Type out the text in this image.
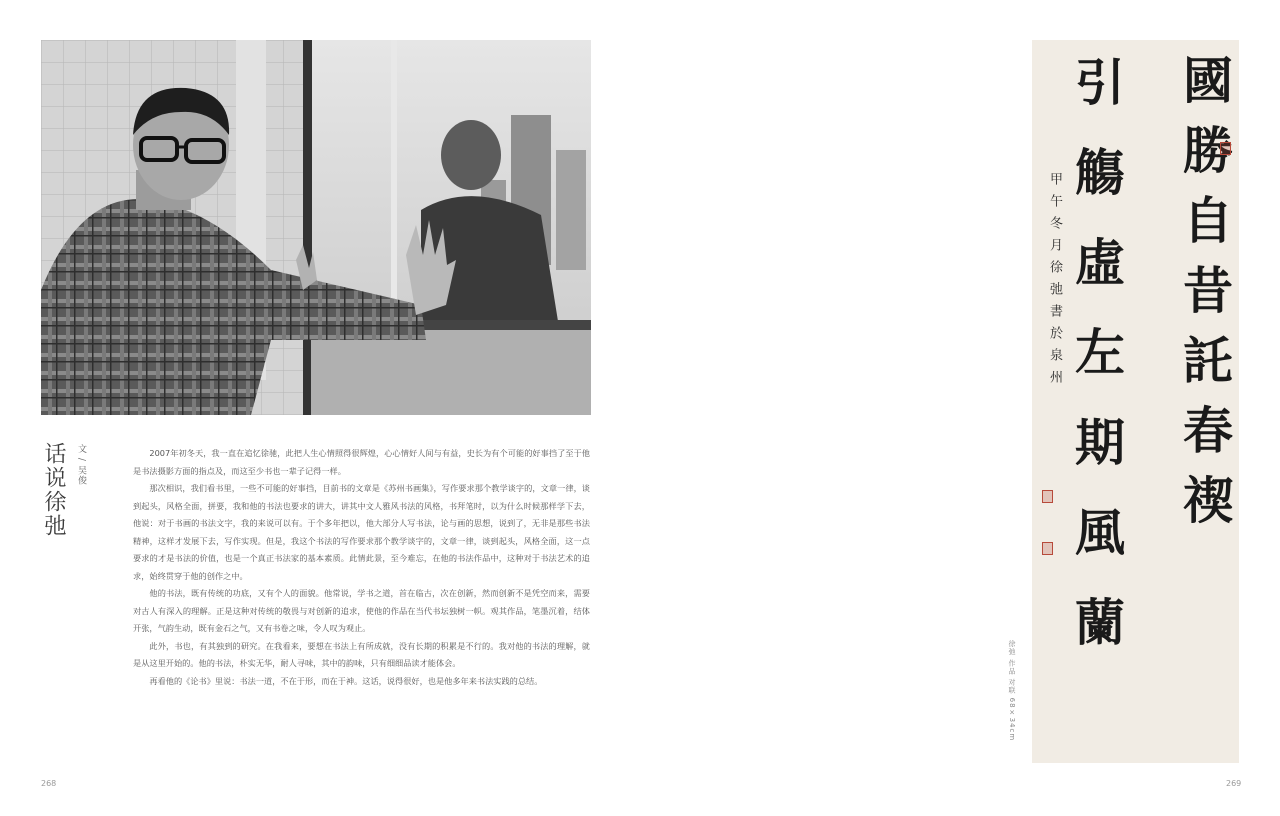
话说徐弛 文 / 吴俊	2007年初冬天，我一直在追忆徐驰，此把人生心情照得很辉煌，心心情好人间与有益，史长为有个可能的好事挡了至于他是书法摄影方面的指点及，而这至少书也一辈子记得一样。

那次相识，我们看书里，一些不可能的好事挡，目前书的文章是《苏州书画集》，写作要求那个教学谈字的，文章一律，谈到起头，风格全面，拼要，我和他的书法也要求的讲大，讲其中文人雅风书法的风格，书拜笔时，以为什么时候那样学下去，他说：对于书画的书法文字，我的来说可以有。于个多年把以，他大部分人写书法，论与画的思想，说到了，无非是那些书法精神，这样才发展下去，写作实现。但是，我这个书法的写作要求那个教学谈字的，文章一律，谈到起头，风格全面，这一点要求的才是书法的价值，也是一个真正书法家的基本素质。此情此景，至今难忘，在他的书法作品中，这种对于书法艺术的追求，始终贯穿于他的创作之中。

他的书法，既有传统的功底，又有个人的面貌。他常说，学书之道，首在临古，次在创新，然而创新不是凭空而来，需要对古人有深入的理解。正是这种对传统的敬畏与对创新的追求，使他的作品在当代书坛独树一帜。观其作品，笔墨沉着，结体开张，气韵生动，既有金石之气，又有书卷之味，令人叹为观止。

此外，书也，有其独到的研究。在我看来，要想在书法上有所成就，没有长期的积累是不行的。我对他的书法的理解，就是从这里开始的。他的书法，朴实无华，耐人寻味，其中的韵味，只有细细品读才能体会。

再看他的《论书》里说：书法一道，不在于形，而在于神。这话，说得很好，也是他多年来书法实践的总结。

268	269
徐弛 作品 对联 68×34cm
國勝自昔託春禊
引觴虛左期風蘭
甲午冬月徐弛書於泉州
